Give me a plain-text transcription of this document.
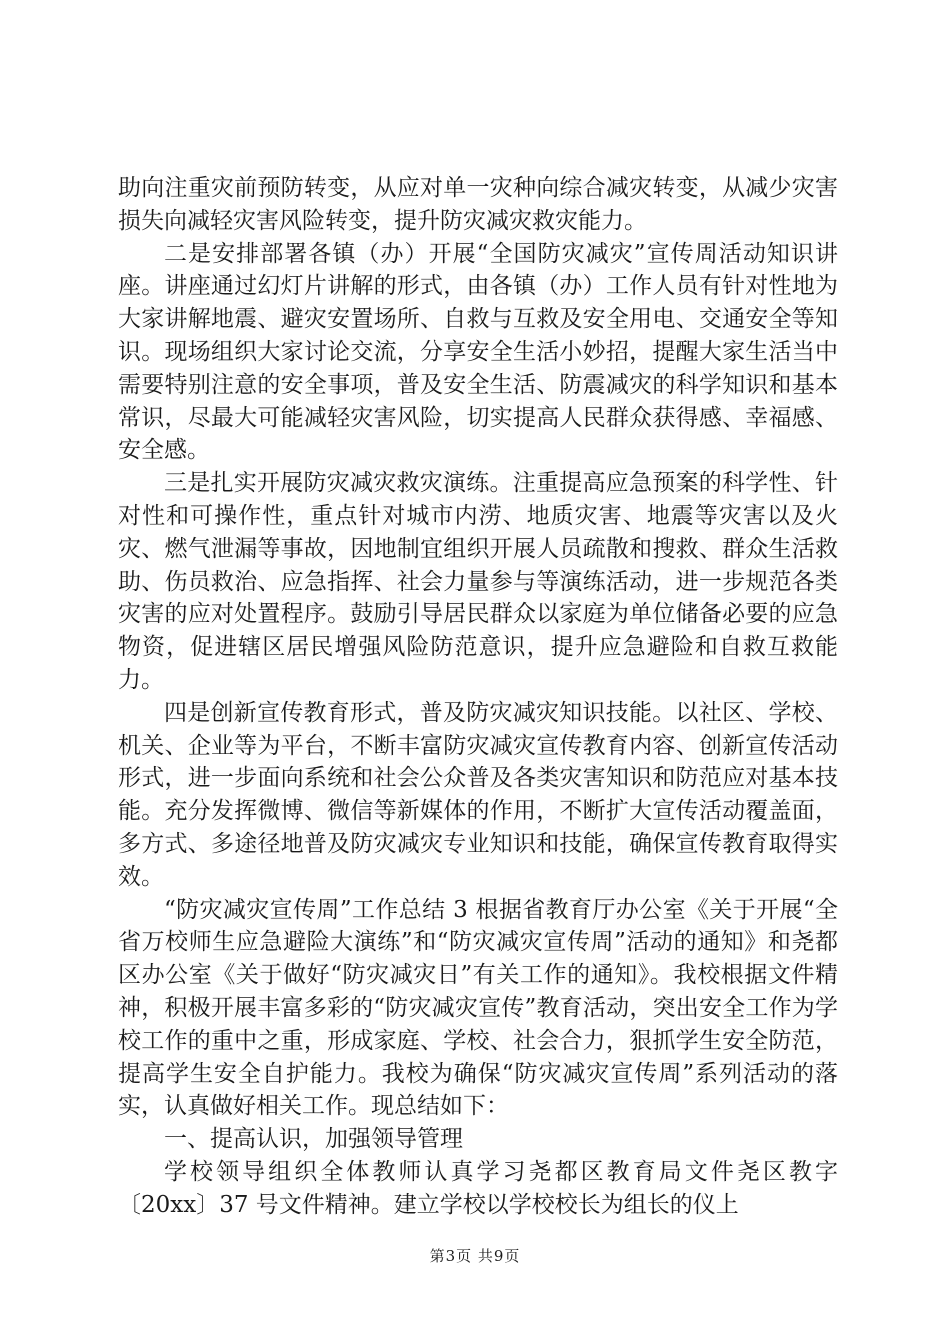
助向注重灾前预防转变，从应对单一灾种向综合减灾转变，从减少灾害损失向减轻灾害风险转变，提升防灾减灾救灾能力。

二是安排部署各镇（办）开展“全国防灾减灾”宣传周活动知识讲座。讲座通过幻灯片讲解的形式，由各镇（办）工作人员有针对性地为大家讲解地震、避灾安置场所、自救与互救及安全用电、交通安全等知识。现场组织大家讨论交流，分享安全生活小妙招，提醒大家生活当中需要特别注意的安全事项，普及安全生活、防震减灾的科学知识和基本常识，尽最大可能减轻灾害风险，切实提高人民群众获得感、幸福感、安全感。

三是扎实开展防灾减灾救灾演练。注重提高应急预案的科学性、针对性和可操作性，重点针对城市内涝、地质灾害、地震等灾害以及火灾、燃气泄漏等事故，因地制宜组织开展人员疏散和搜救、群众生活救助、伤员救治、应急指挥、社会力量参与等演练活动，进一步规范各类灾害的应对处置程序。鼓励引导居民群众以家庭为单位储备必要的应急物资，促进辖区居民增强风险防范意识，提升应急避险和自救互救能力。

四是创新宣传教育形式，普及防灾减灾知识技能。以社区、学校、机关、企业等为平台，不断丰富防灾减灾宣传教育内容、创新宣传活动形式，进一步面向系统和社会公众普及各类灾害知识和防范应对基本技能。充分发挥微博、微信等新媒体的作用，不断扩大宣传活动覆盖面，多方式、多途径地普及防灾减灾专业知识和技能，确保宣传教育取得实效。

“防灾减灾宣传周”工作总结 3 根据省教育厅办公室《关于开展“全省万校师生应急避险大演练”和“防灾减灾宣传周”活动的通知》和尧都区办公室《关于做好“防灾减灾日”有关工作的通知》。我校根据文件精神，积极开展丰富多彩的“防灾减灾宣传”教育活动，突出安全工作为学校工作的重中之重，形成家庭、学校、社会合力，狠抓学生安全防范，提高学生安全自护能力。我校为确保“防灾减灾宣传周”系列活动的落实，认真做好相关工作。现总结如下：

一、提高认识，加强领导管理

学校领导组织全体教师认真学习尧都区教育局文件尧区教字〔20xx〕37 号文件精神。建立学校以学校校长为组长的仪上

第3页 共9页
